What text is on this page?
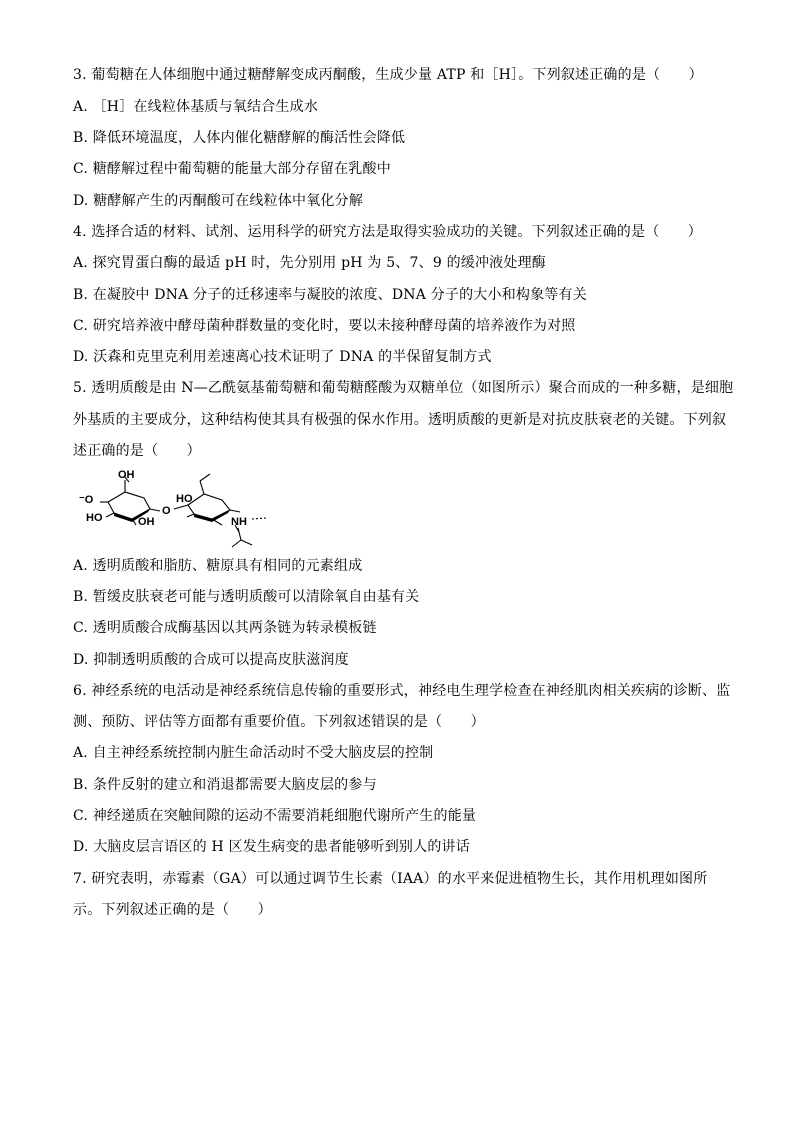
3. 葡萄糖在人体细胞中通过糖酵解变成丙酮酸，生成少量 ATP 和［H］。下列叙述正确的是（　　）
A. ［H］在线粒体基质与氧结合生成水
B. 降低环境温度，人体内催化糖酵解的酶活性会降低
C. 糖酵解过程中葡萄糖的能量大部分存留在乳酸中
D. 糖酵解产生的丙酮酸可在线粒体中氧化分解
4. 选择合适的材料、试剂、运用科学的研究方法是取得实验成功的关键。下列叙述正确的是（　　）
A. 探究胃蛋白酶的最适 pH 时，先分别用 pH 为 5、7、9 的缓冲液处理酶
B. 在凝胶中 DNA 分子的迁移速率与凝胶的浓度、DNA 分子的大小和构象等有关
C. 研究培养液中酵母菌种群数量的变化时，要以未接种酵母菌的培养液作为对照
D. 沃森和克里克利用差速离心技术证明了 DNA 的半保留复制方式
5. 透明质酸是由 N—乙酰氨基葡萄糖和葡萄糖醛酸为双糖单位（如图所示）聚合而成的一种多糖，是细胞
外基质的主要成分，这种结构使其具有极强的保水作用。透明质酸的更新是对抗皮肤衰老的关键。下列叙
述正确的是（　　）
OH
⁻O
HO	OH
O
HO
NH
A. 透明质酸和脂肪、糖原具有相同的元素组成
B. 暂缓皮肤衰老可能与透明质酸可以清除氧自由基有关
C. 透明质酸合成酶基因以其两条链为转录模板链
D. 抑制透明质酸的合成可以提高皮肤滋润度
6. 神经系统的电活动是神经系统信息传输的重要形式，神经电生理学检查在神经肌肉相关疾病的诊断、监
测、预防、评估等方面都有重要价值。下列叙述错误的是（　　）
A. 自主神经系统控制内脏生命活动时不受大脑皮层的控制
B. 条件反射的建立和消退都需要大脑皮层的参与
C. 神经递质在突触间隙的运动不需要消耗细胞代谢所产生的能量
D. 大脑皮层言语区的 H 区发生病变的患者能够听到别人的讲话
7. 研究表明，赤霉素（GA）可以通过调节生长素（IAA）的水平来促进植物生长，其作用机理如图所
示。下列叙述正确的是（　　）
